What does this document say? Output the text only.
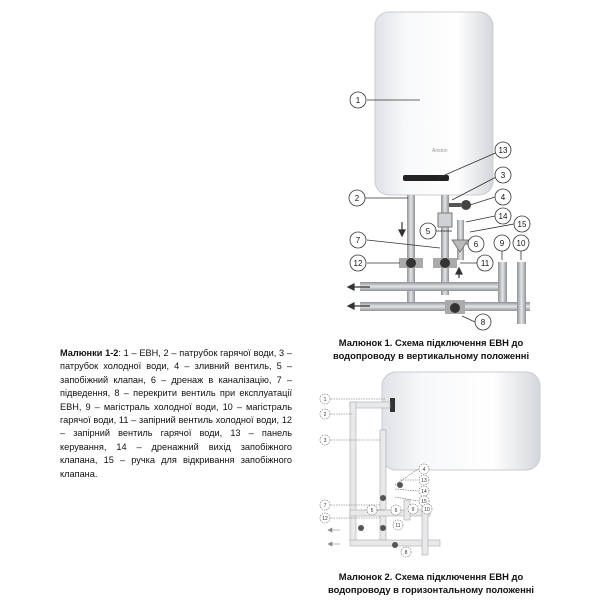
Ariston
1
2
3
4
5
6
7
8
9 10
11
12
13
14
15
Малюнок 1. Схема підключення ЕВН до
водопроводу в вертикальному положенні
Малюнки 1-2: 1 – ЕВН, 2 – патрубок гарячої води, 3 – патрубок холодної води, 4 – зливний вентиль, 5 – запобіжний клапан, 6 – дренаж в каналізацію, 7 – підведення, 8 – перекрити вентиль при експлуатації ЕВН, 9 – магістраль холодної води, 10 – магістраль гарячої води, 11 – запірний вентиль холодної води, 12 – запірний вентиль гарячої води, 13 – панель керування, 14 – дренажний вихід запобіжного клапана, 15 – ручка для відкривання запобіжного клапана.
1
2
3
4
5	6
7
8
9 10
11
12
13
14
15
Малюнок 2. Схема підключення ЕВН до
водопроводу в горизонтальному положенні
